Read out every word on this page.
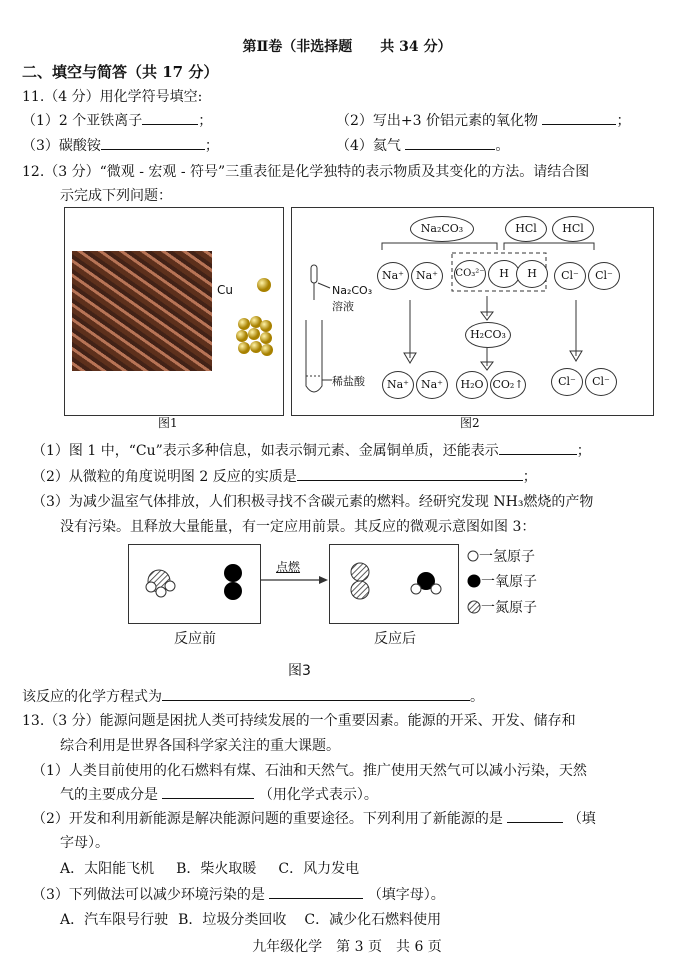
第Ⅱ卷（非选择题　　共 34 分）
二、填空与简答（共 17 分）
11.（4 分）用化学符号填空:
（1）2 个亚铁离子	；	（2）写出+3 价铝元素的氧化物	；
（3）碳酸铵	；	（4）氦气	。
12.（3 分）“微观 - 宏观 - 符号”三重表征是化学独特的表示物质及其变化的方法。请结合图
示完成下列问题：
Cu
图1
Na₂CO₃	HCl	HCl
Na₂CO₃
溶液
稀盐酸
Na⁺	Na⁺	CO₃²⁻	H	H	Cl⁻	Cl⁻
H₂CO₃
Na⁺	Na⁺	H₂O CO₂↑	Cl⁻	Cl⁻
图2
（1）图 1 中，“Cu”表示多种信息，如表示铜元素、金属铜单质，还能表示	；
（2）从微粒的角度说明图 2 反应的实质是	；
（3）为减少温室气体排放，人们积极寻找不含碳元素的燃料。经研究发现 NH₃燃烧的产物
没有污染。且释放大量能量，有一定应用前景。其反应的微观示意图如图 3：
点燃
反应前	反应后
一氢原子
一氧原子
一氮原子
图3
该反应的化学方程式为	。
13.（3 分）能源问题是困扰人类可持续发展的一个重要因素。能源的开采、开发、储存和
综合利用是世界各国科学家关注的重大课题。
（1）人类目前使用的化石燃料有煤、石油和天然气。推广使用天然气可以减小污染，天然
气的主要成分是	（用化学式表示）。
（2）开发和利用新能源是解决能源问题的重要途径。下列利用了新能源的是	（填
字母）。
A．太阳能飞机 B．柴火取暖 C．风力发电
（3）下列做法可以减少环境污染的是	（填字母）。
A．汽车限号行驶 B．垃圾分类回收 C．减少化石燃料使用
九年级化学　第 3 页　共 6 页
